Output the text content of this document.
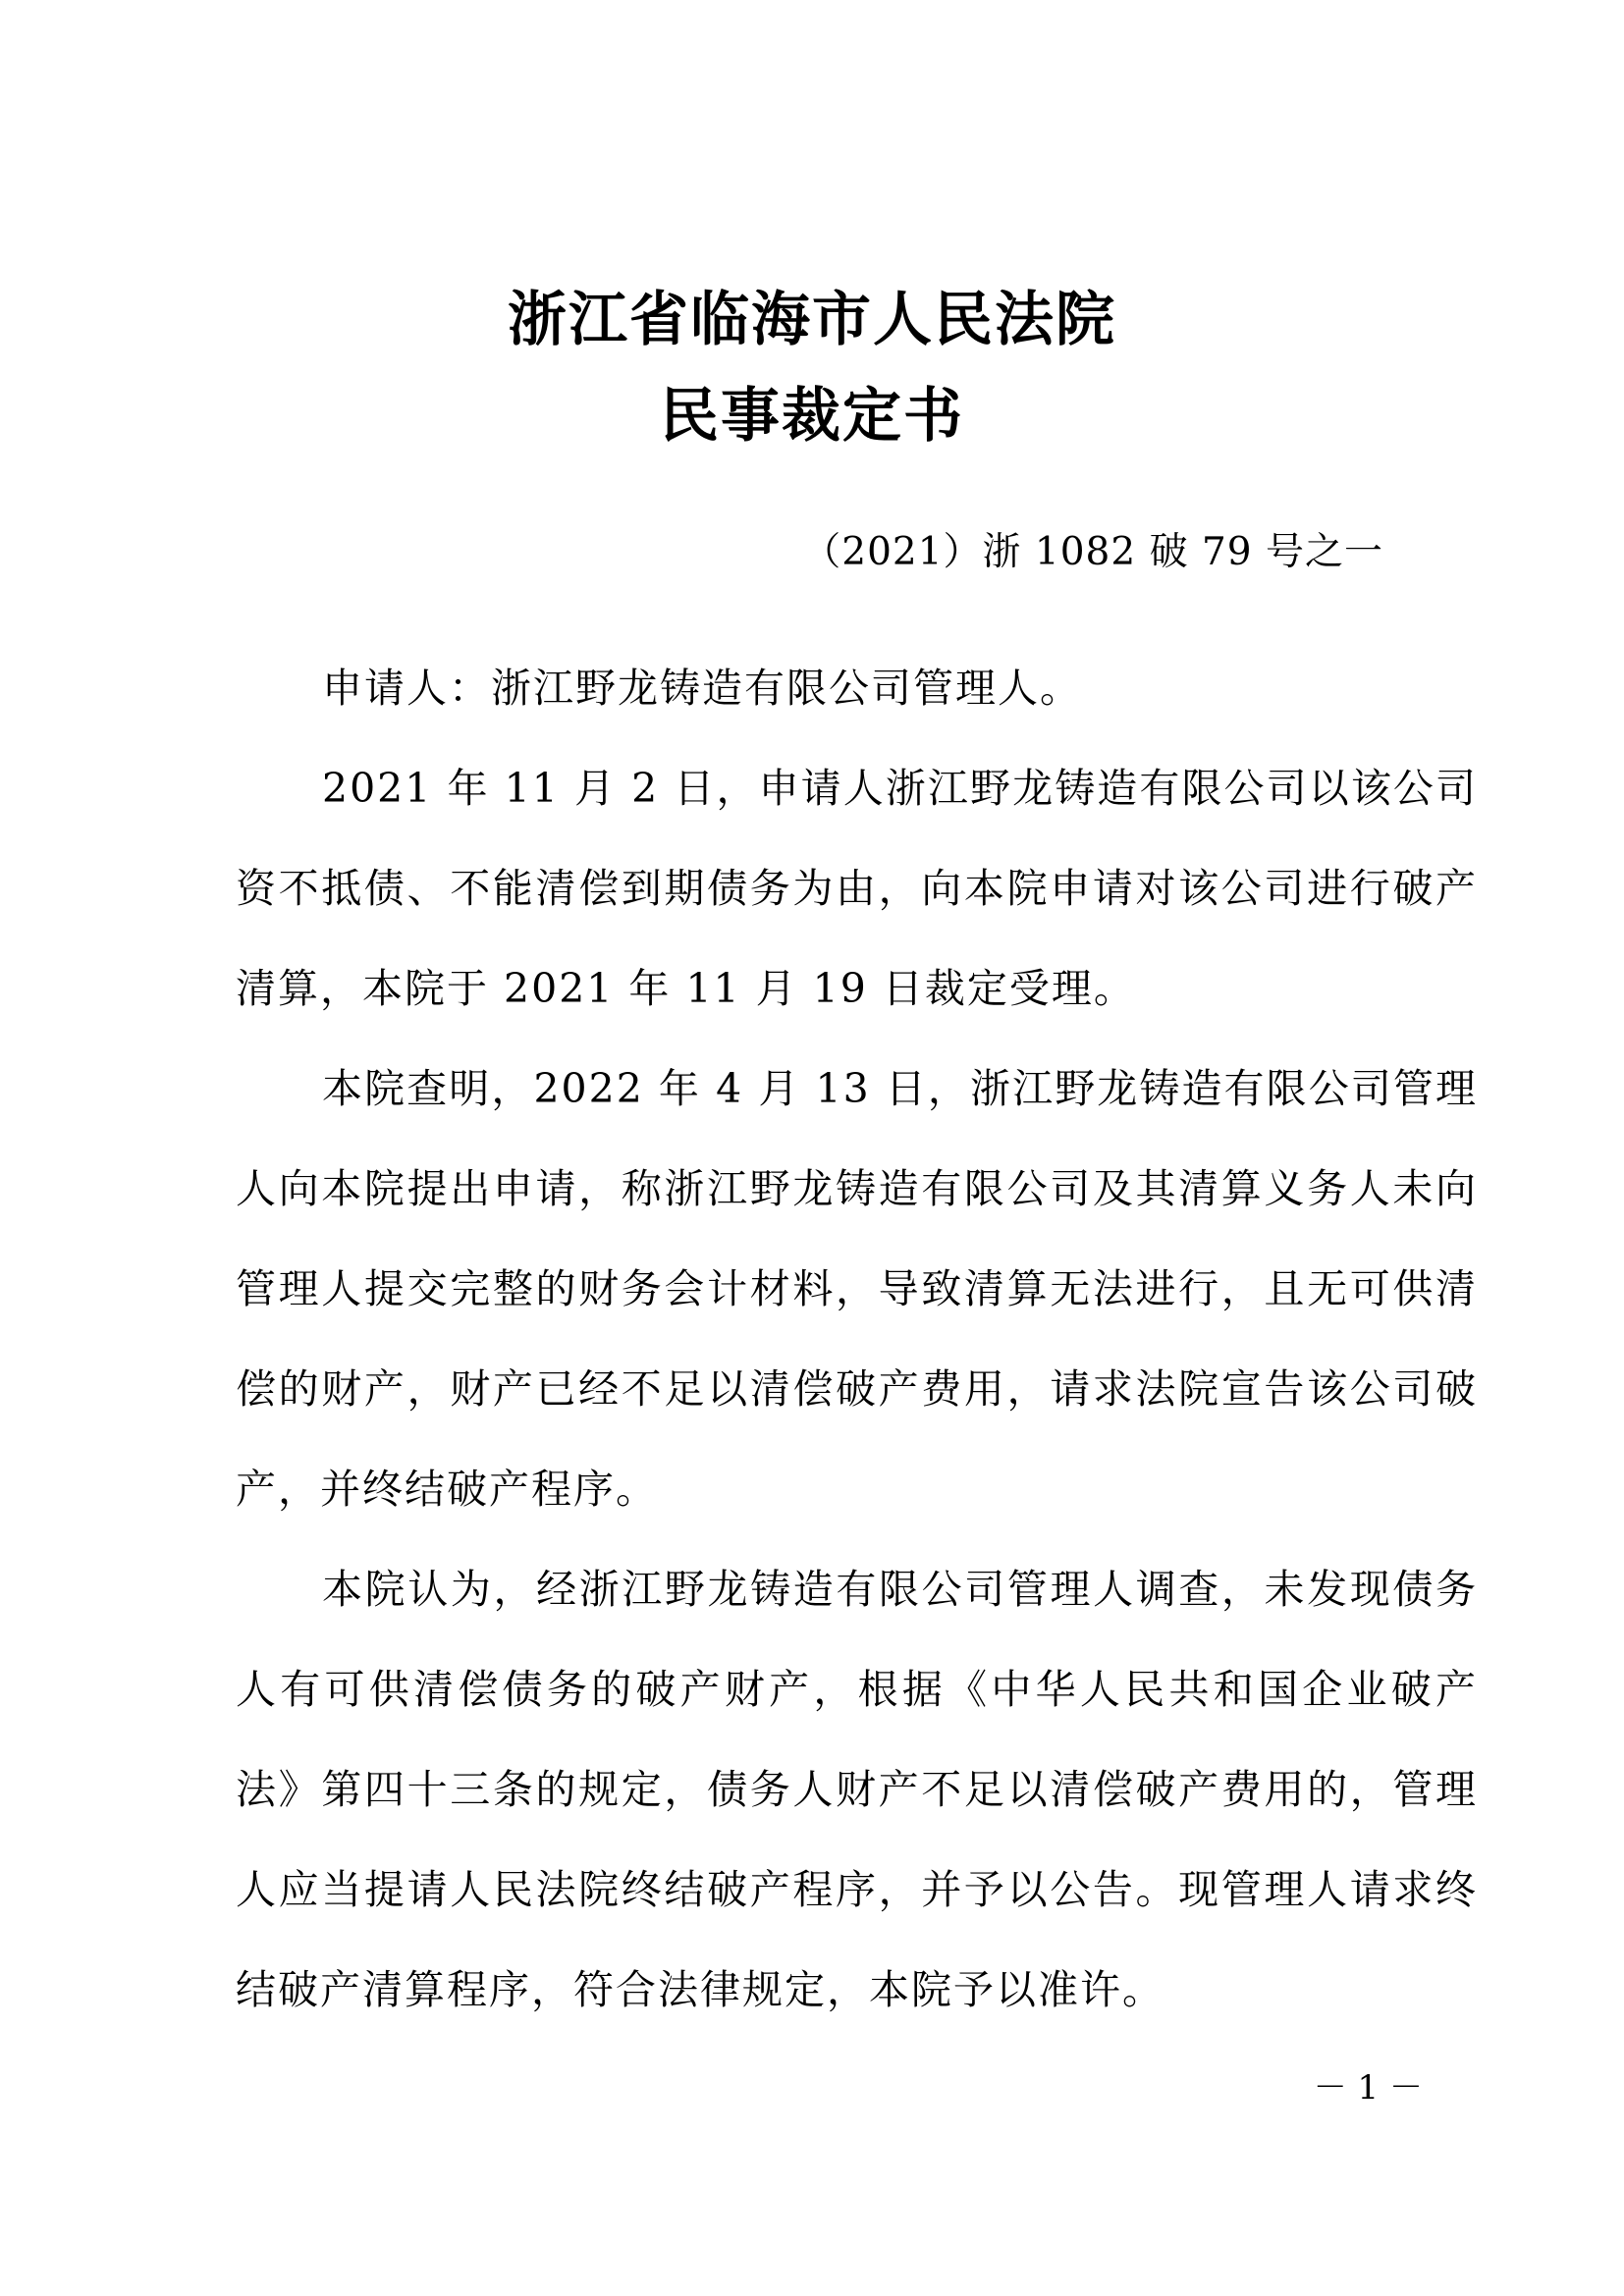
浙江省临海市人民法院
民事裁定书
（2021）浙 1082 破 79 号之一

申请人：浙江野龙铸造有限公司管理人。

2021 年 11 月 2 日，申请人浙江野龙铸造有限公司以该公司资不抵债、不能清偿到期债务为由，向本院申请对该公司进行破产清算，本院于 2021 年 11 月 19 日裁定受理。

本院查明，2022 年 4 月 13 日，浙江野龙铸造有限公司管理人向本院提出申请，称浙江野龙铸造有限公司及其清算义务人未向管理人提交完整的财务会计材料，导致清算无法进行，且无可供清偿的财产，财产已经不足以清偿破产费用，请求法院宣告该公司破产，并终结破产程序。

本院认为，经浙江野龙铸造有限公司管理人调查，未发现债务人有可供清偿债务的破产财产，根据《中华人民共和国企业破产法》第四十三条的规定，债务人财产不足以清偿破产费用的，管理人应当提请人民法院终结破产程序，并予以公告。现管理人请求终结破产清算程序，符合法律规定，本院予以准许。

－ 1 －
